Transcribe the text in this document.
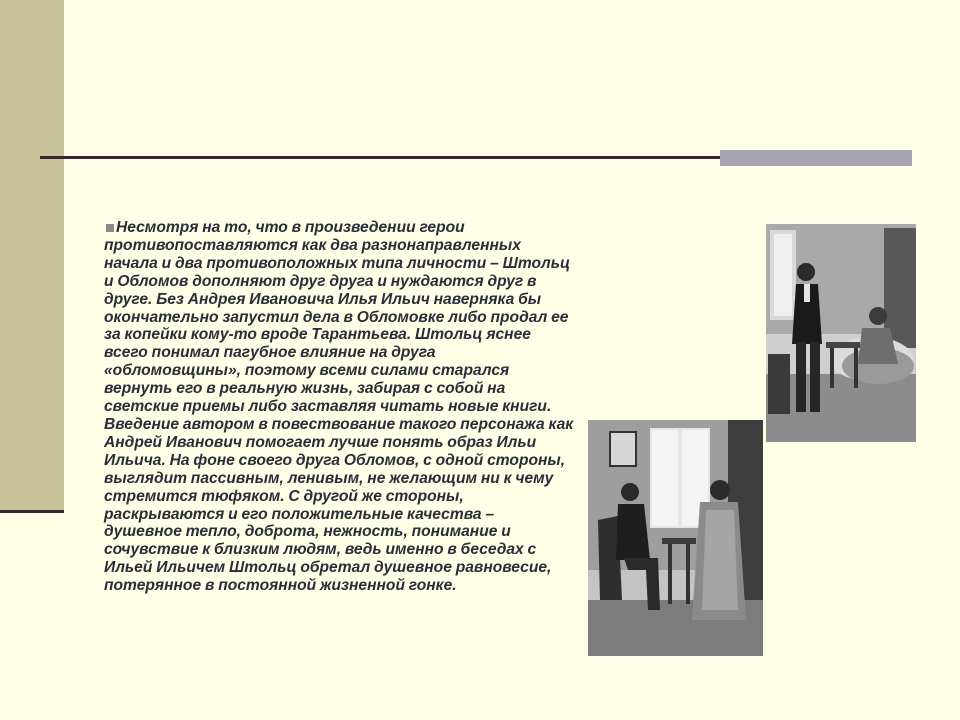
Несмотря на то, что в произведении герои противопоставляются как два разнонаправленных начала и два противоположных типа личности – Штольц и Обломов дополняют друг друга и нуждаются друг в друге. Без Андрея Ивановича Илья Ильич наверняка бы окончательно запустил дела в Обломовке либо продал ее за копейки кому-то вроде Тарантьева. Штольц яснее всего понимал пагубное влияние на друга «обломовщины», поэтому всеми силами старался вернуть его в реальную жизнь, забирая с собой на светские приемы либо заставляя читать новые книги. Введение автором в повествование такого персонажа как Андрей Иванович помогает лучше понять образ Ильи Ильича. На фоне своего друга Обломов, с одной стороны, выглядит пассивным, ленивым, не желающим ни к чему стремится тюфяком. С другой же стороны, раскрываются и его положительные качества – душевное тепло, доброта, нежность, понимание и сочувствие к близким людям, ведь именно в беседах с Ильей Ильичем Штольц обретал душевное равновесие, потерянное в постоянной жизненной гонке.
